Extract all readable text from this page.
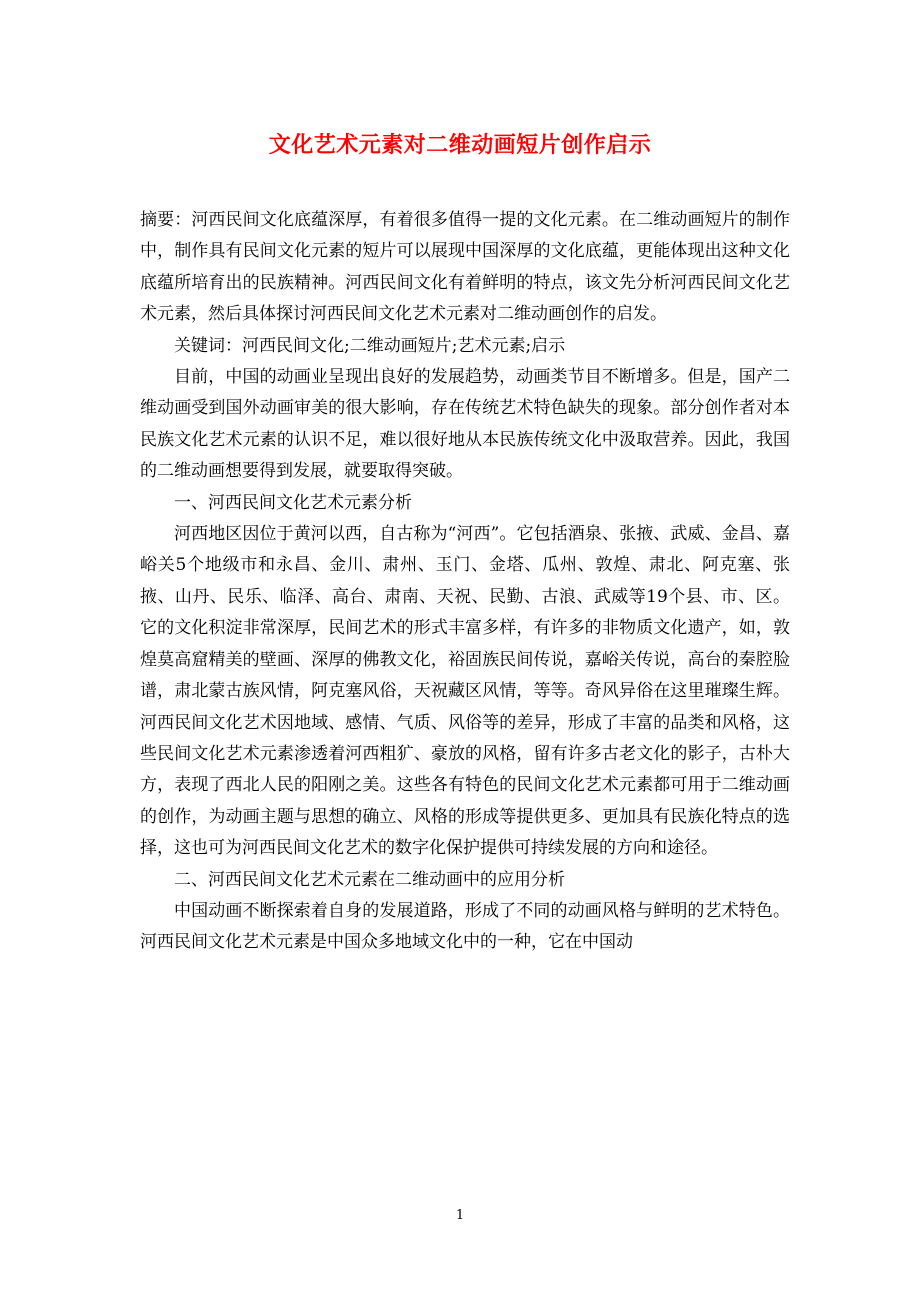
文化艺术元素对二维动画短片创作启示

摘要：河西民间文化底蕴深厚，有着很多值得一提的文化元素。在二维动画短片的制作中，制作具有民间文化元素的短片可以展现中国深厚的文化底蕴，更能体现出这种文化底蕴所培育出的民族精神。河西民间文化有着鲜明的特点，该文先分析河西民间文化艺术元素，然后具体探讨河西民间文化艺术元素对二维动画创作的启发。

关键词：河西民间文化;二维动画短片;艺术元素;启示

目前，中国的动画业呈现出良好的发展趋势，动画类节目不断增多。但是，国产二维动画受到国外动画审美的很大影响，存在传统艺术特色缺失的现象。部分创作者对本民族文化艺术元素的认识不足，难以很好地从本民族传统文化中汲取营养。因此，我国的二维动画想要得到发展，就要取得突破。

一、河西民间文化艺术元素分析

河西地区因位于黄河以西，自古称为“河西”。它包括酒泉、张掖、武威、金昌、嘉峪关5个地级市和永昌、金川、肃州、玉门、金塔、瓜州、敦煌、肃北、阿克塞、张掖、山丹、民乐、临泽、高台、肃南、天祝、民勤、古浪、武威等19个县、市、区。它的文化积淀非常深厚，民间艺术的形式丰富多样，有许多的非物质文化遗产，如，敦煌莫高窟精美的壁画、深厚的佛教文化，裕固族民间传说，嘉峪关传说，高台的秦腔脸谱，肃北蒙古族风情，阿克塞风俗，天祝藏区风情，等等。奇风异俗在这里璀璨生辉。河西民间文化艺术因地域、感情、气质、风俗等的差异，形成了丰富的品类和风格，这些民间文化艺术元素渗透着河西粗犷、豪放的风格，留有许多古老文化的影子，古朴大方，表现了西北人民的阳刚之美。这些各有特色的民间文化艺术元素都可用于二维动画的创作，为动画主题与思想的确立、风格的形成等提供更多、更加具有民族化特点的选择，这也可为河西民间文化艺术的数字化保护提供可持续发展的方向和途径。

二、河西民间文化艺术元素在二维动画中的应用分析

中国动画不断探索着自身的发展道路，形成了不同的动画风格与鲜明的艺术特色。河西民间文化艺术元素是中国众多地域文化中的一种，它在中国动

1
